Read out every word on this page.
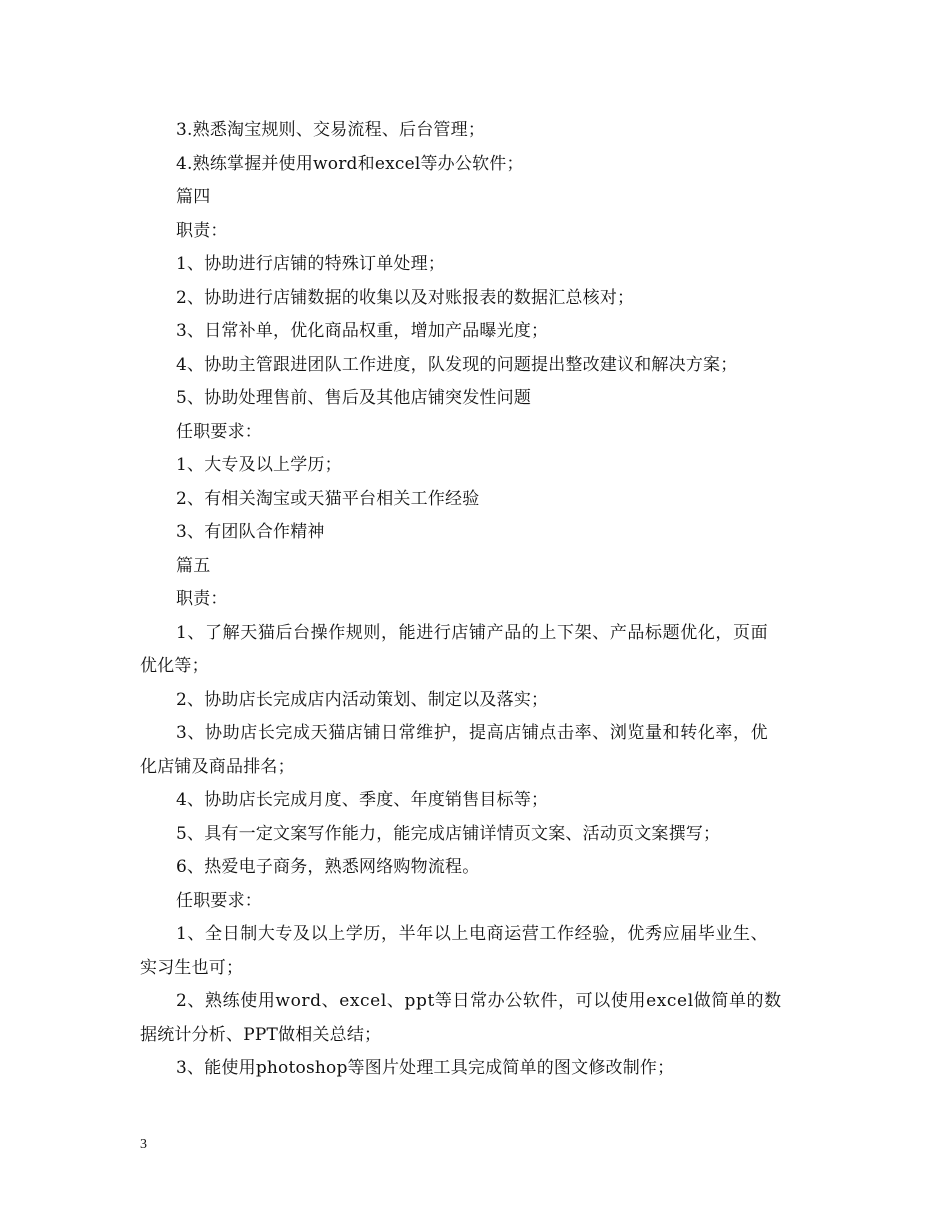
3.熟悉淘宝规则、交易流程、后台管理；
4.熟练掌握并使用word和excel等办公软件；
篇四
职责：
1、协助进行店铺的特殊订单处理；
2、协助进行店铺数据的收集以及对账报表的数据汇总核对；
3、日常补单，优化商品权重，增加产品曝光度；
4、协助主管跟进团队工作进度，队发现的问题提出整改建议和解决方案；
5、协助处理售前、售后及其他店铺突发性问题
任职要求：
1、大专及以上学历；
2、有相关淘宝或天猫平台相关工作经验
3、有团队合作精神
篇五
职责：
1、了解天猫后台操作规则，能进行店铺产品的上下架、产品标题优化，页面
优化等；
2、协助店长完成店内活动策划、制定以及落实；
3、协助店长完成天猫店铺日常维护，提高店铺点击率、浏览量和转化率，优
化店铺及商品排名；
4、协助店长完成月度、季度、年度销售目标等；
5、具有一定文案写作能力，能完成店铺详情页文案、活动页文案撰写；
6、热爱电子商务，熟悉网络购物流程。
任职要求：
1、全日制大专及以上学历，半年以上电商运营工作经验，优秀应届毕业生、
实习生也可；
2、熟练使用word、excel、ppt等日常办公软件，可以使用excel做简单的数
据统计分析、PPT做相关总结；
3、能使用photoshop等图片处理工具完成简单的图文修改制作；
3
